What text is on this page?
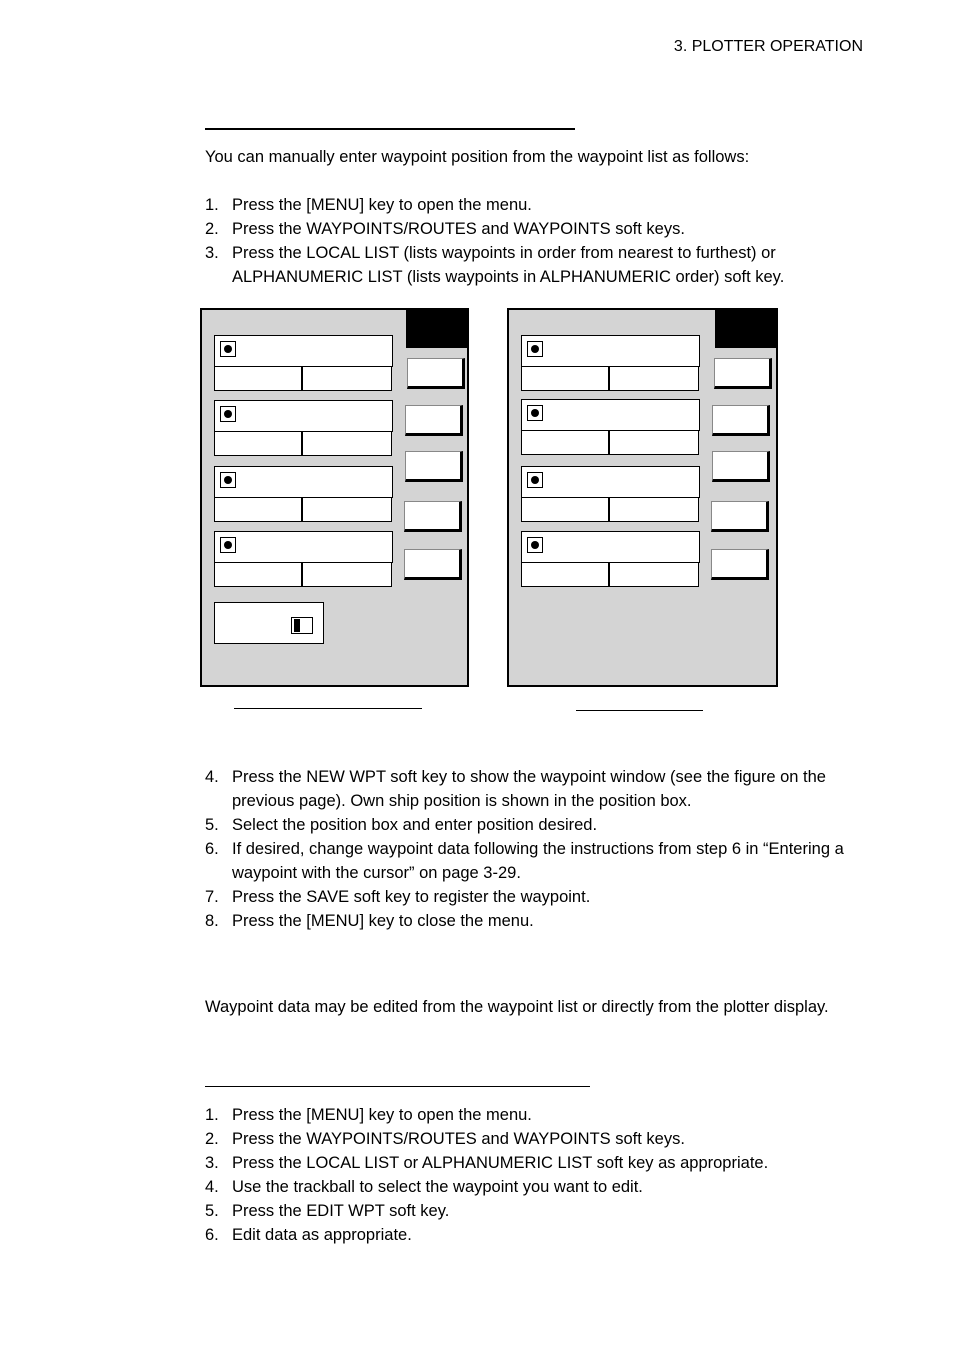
3. PLOTTER OPERATION

You can manually enter waypoint position from the waypoint list as follows:

1. Press the [MENU] key to open the menu.
2. Press the WAYPOINTS/ROUTES and WAYPOINTS soft keys.
3. Press the LOCAL LIST (lists waypoints in order from nearest to furthest) or ALPHANUMERIC LIST (lists waypoints in ALPHANUMERIC order) soft key.
4. Press the NEW WPT soft key to show the waypoint window (see the figure on the previous page). Own ship position is shown in the position box.
5. Select the position box and enter position desired.
6. If desired, change waypoint data following the instructions from step 6 in “Entering a waypoint with the cursor” on page 3-29.
7. Press the SAVE soft key to register the waypoint.
8. Press the [MENU] key to close the menu.

Waypoint data may be edited from the waypoint list or directly from the plotter display.

1. Press the [MENU] key to open the menu.
2. Press the WAYPOINTS/ROUTES and WAYPOINTS soft keys.
3. Press the LOCAL LIST or ALPHANUMERIC LIST soft key as appropriate.
4. Use the trackball to select the waypoint you want to edit.
5. Press the EDIT WPT soft key.
6. Edit data as appropriate.
